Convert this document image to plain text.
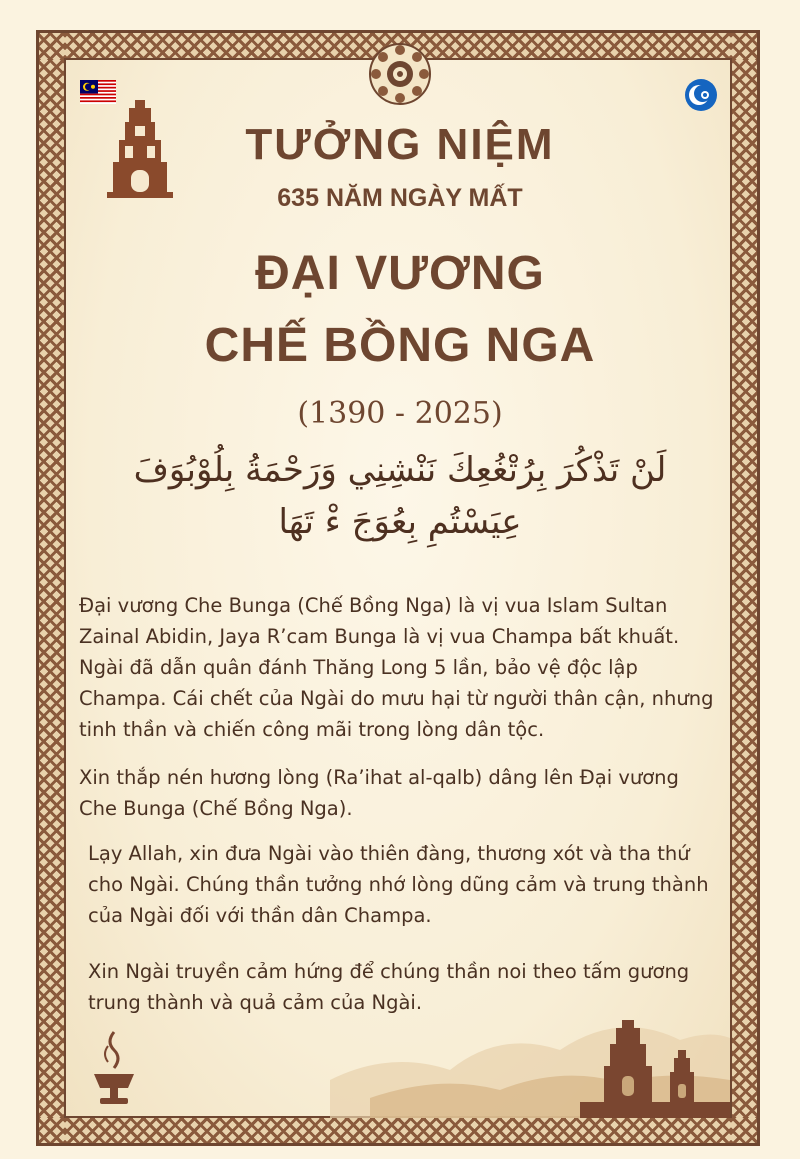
TƯỞNG NIỆM
635 NĂM NGÀY MẤT
ĐẠI VƯƠNG
CHẾ BỒNG NGA

(1390 - 2025)

لَنْ تَذْكُرَ بِرُتْغُعِكَ نَنْشِنِي وَرَحْمَةُ بِلُوْبُوَفَ

عِيَسْتُمِ بِعُوَجَ ءْ تَهَا

Đại vương Che Bunga (Chế Bồng Nga) là vị vua Islam Sultan Zainal Abidin, Jaya R’cam Bunga là vị vua Champa bất khuất. Ngài đã dẫn quân đánh Thăng Long 5 lần, bảo vệ độc lập Champa. Cái chết của Ngài do mưu hại từ người thân cận, nhưng tinh thần và chiến công mãi trong lòng dân tộc.

Xin thắp nén hương lòng (Ra’ihat al-qalb) dâng lên Đại vương Che Bunga (Chế Bồng Nga).

Lạy Allah, xin đưa Ngài vào thiên đàng, thương xót và tha thứ cho Ngài. Chúng thần tưởng nhớ lòng dũng cảm và trung thành của Ngài đối với thần dân Champa.

Xin Ngài truyền cảm hứng để chúng thần noi theo tấm gương trung thành và quả cảm của Ngài.
